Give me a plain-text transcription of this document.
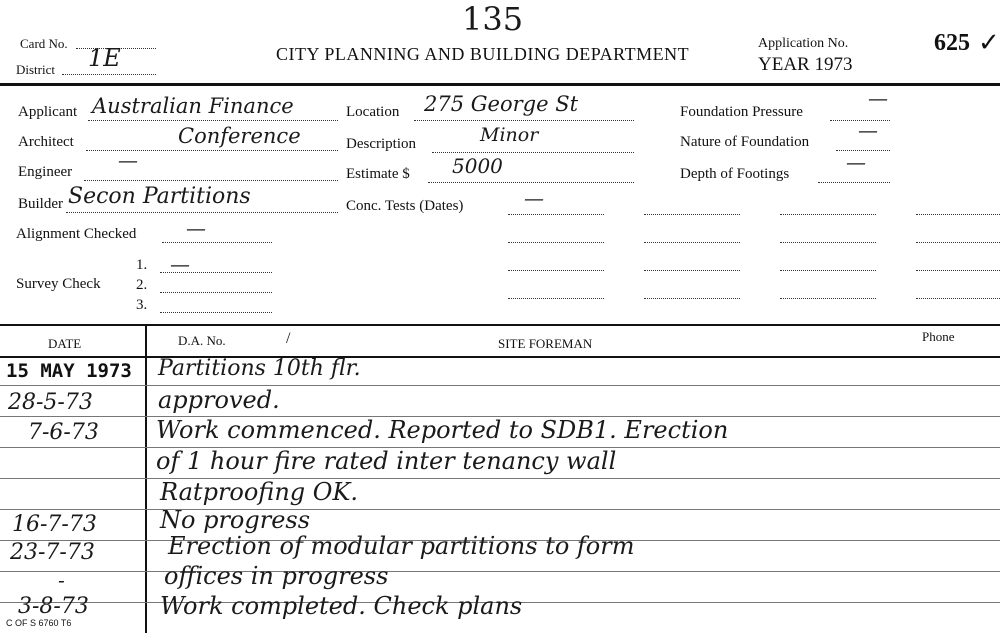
Card No.
District 1E
135
CITY PLANNING AND BUILDING DEPARTMENT
Application No.
YEAR 1973
625 ✓
Applicant Australian Finance
Architect	Conference
Engineer —
Builder Secon Partitions
Alignment Checked —
Survey Check
1. —
2.
3.
Location 275 George St
Description	Minor
Estimate $ 5000
Conc. Tests (Dates)	—
Foundation Pressure
—
Nature of Foundation —
Depth of Footings	—
DATE	D.A. No.	/	SITE FOREMAN	Phone
15 MAY 1973 Partitions 10th flr.
28-5-73	approved.
7-6-73 Work commenced. Reported to SDB1. Erection
of 1 hour fire rated inter tenancy wall
Ratproofing OK.
16-7-73	No progress
23-7-73	Erection of modular partitions to form
-	offices in progress
3-8-73	Work completed. Check plans
C OF S 6760 T6
